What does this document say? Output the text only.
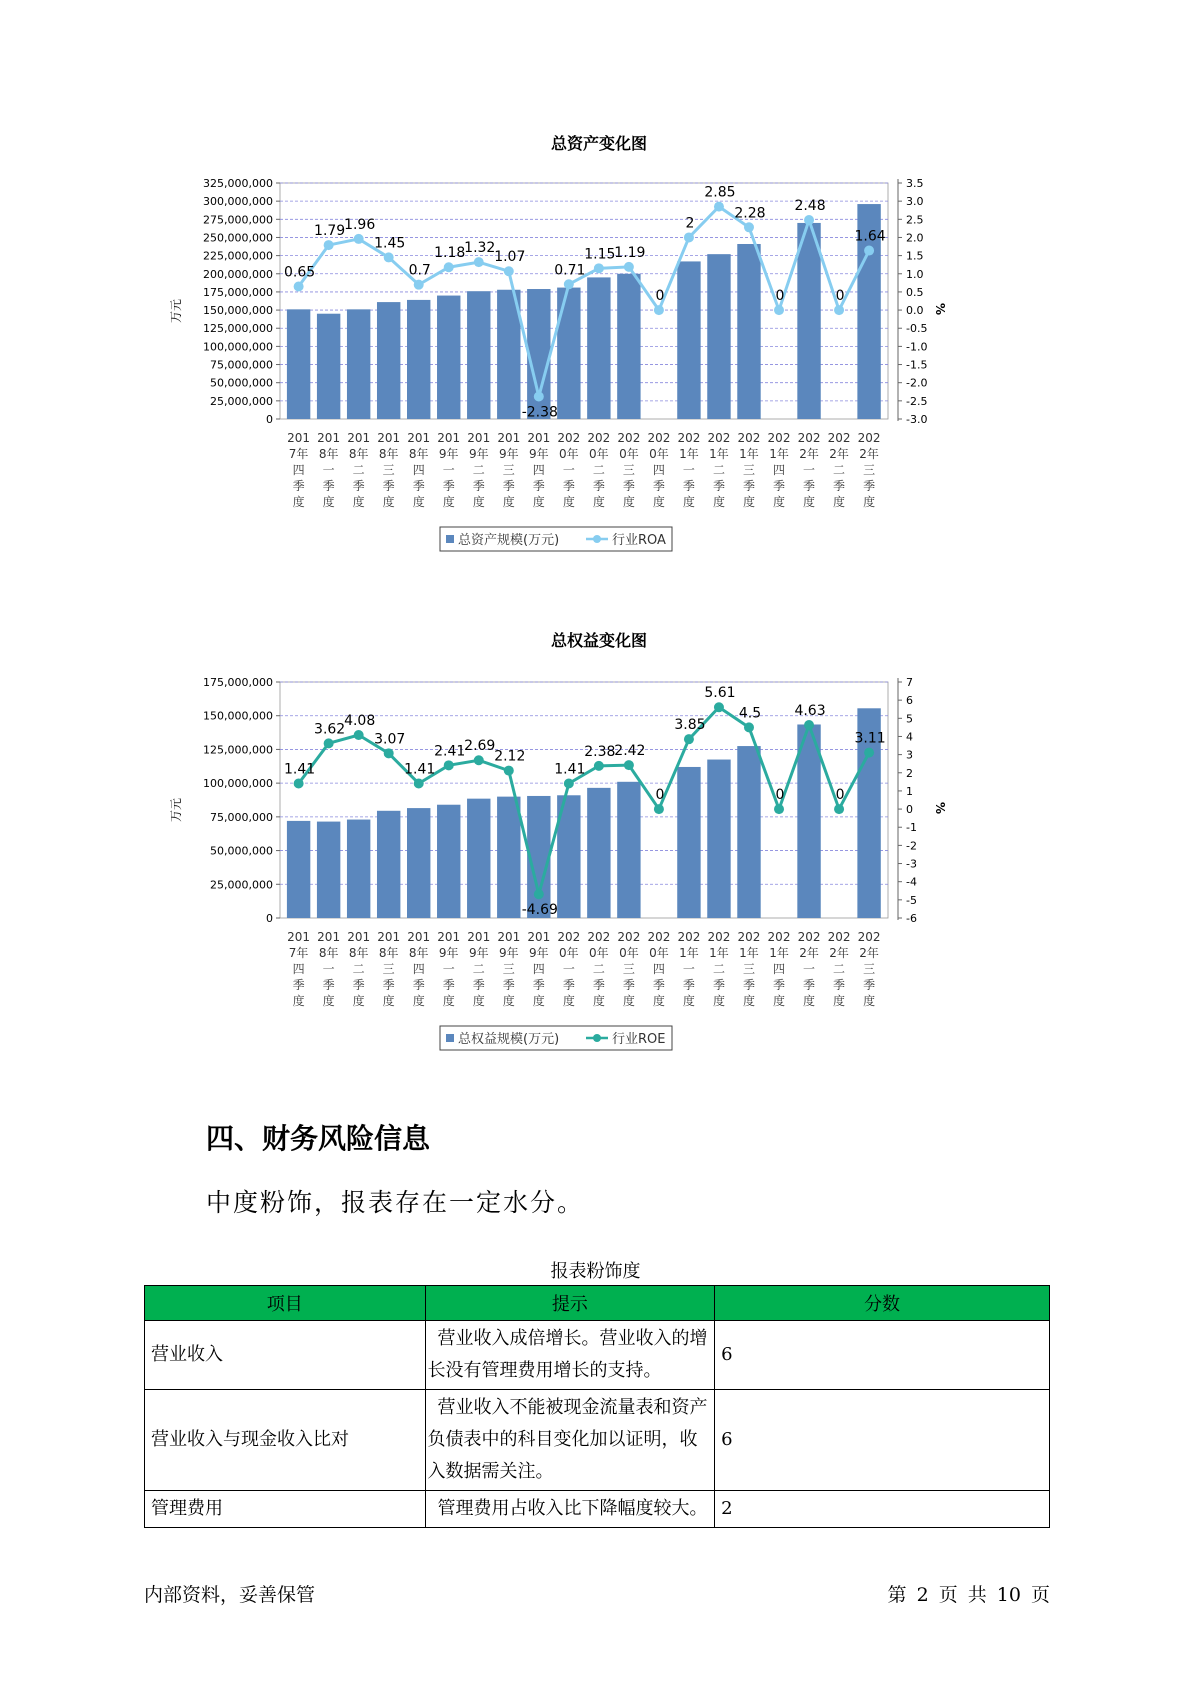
总资产变化图
0
25,000,000
50,000,000
75,000,000
100,000,000
125,000,000
150,000,000
175,000,000
200,000,000
225,000,000
250,000,000
275,000,000
300,000,000
325,000,000
万元
-3.0
-2.5
-2.0
-1.5
-1.0
-0.5
0.0
0.5
1.0
1.5
2.0
2.5
3.0
3.5
%
201
7年
四
季
度
201
8年
一
季
度
201
8年
二
季
度
201
8年
三
季
度
201
8年
四
季
度
201
9年
一
季
度
201
9年
二
季
度
201
9年
三
季
度
201
9年
四
季
度
202
0年
一
季
度
202
0年
二
季
度
202
0年
三
季
度
202
0年
四
季
度
202
1年
一
季
度
202
1年
二
季
度
202
1年
三
季
度
202
1年
四
季
度
202
2年
一
季
度
202
2年
二
季
度
202
2年
三
季
度
0.65
1.79
1.96
1.45
0.7
1.18
1.32
1.07
-2.38
0.71
1.15
1.19
0
2
2.85
2.28
0
2.48
0
1.64
总资产规模(万元)	行业ROA
总权益变化图
0
25,000,000
50,000,000
75,000,000
100,000,000
125,000,000
150,000,000
175,000,000
万元
-6
-5
-4
-3
-2
-1
0
1
2
3
4
5
6
7
%
201
7年
四
季
度
201
8年
一
季
度
201
8年
二
季
度
201
8年
三
季
度
201
8年
四
季
度
201
9年
一
季
度
201
9年
二
季
度
201
9年
三
季
度
201
9年
四
季
度
202
0年
一
季
度
202
0年
二
季
度
202
0年
三
季
度
202
0年
四
季
度
202
1年
一
季
度
202
1年
二
季
度
202
1年
三
季
度
202
1年
四
季
度
202
2年
一
季
度
202
2年
二
季
度
202
2年
三
季
度
1.41
3.62
4.08
3.07
1.41
2.41
2.69
2.12
-4.69
1.41
2.38
2.42
0
3.85
5.61
4.5
0
4.63
0
3.11
总权益规模(万元)	行业ROE
四、财务风险信息
中度粉饰，报表存在一定水分。
报表粉饰度
项目	提示	分数
营业收入	营业收入成倍增长。营业收入的增长没有管理费用增长的支持。	6
营业收入与现金收入比对	营业收入不能被现金流量表和资产负债表中的科目变化加以证明，收入数据需关注。	6
管理费用	管理费用占收入比下降幅度较大。	2
内部资料，妥善保管	第 2 页 共 10 页
